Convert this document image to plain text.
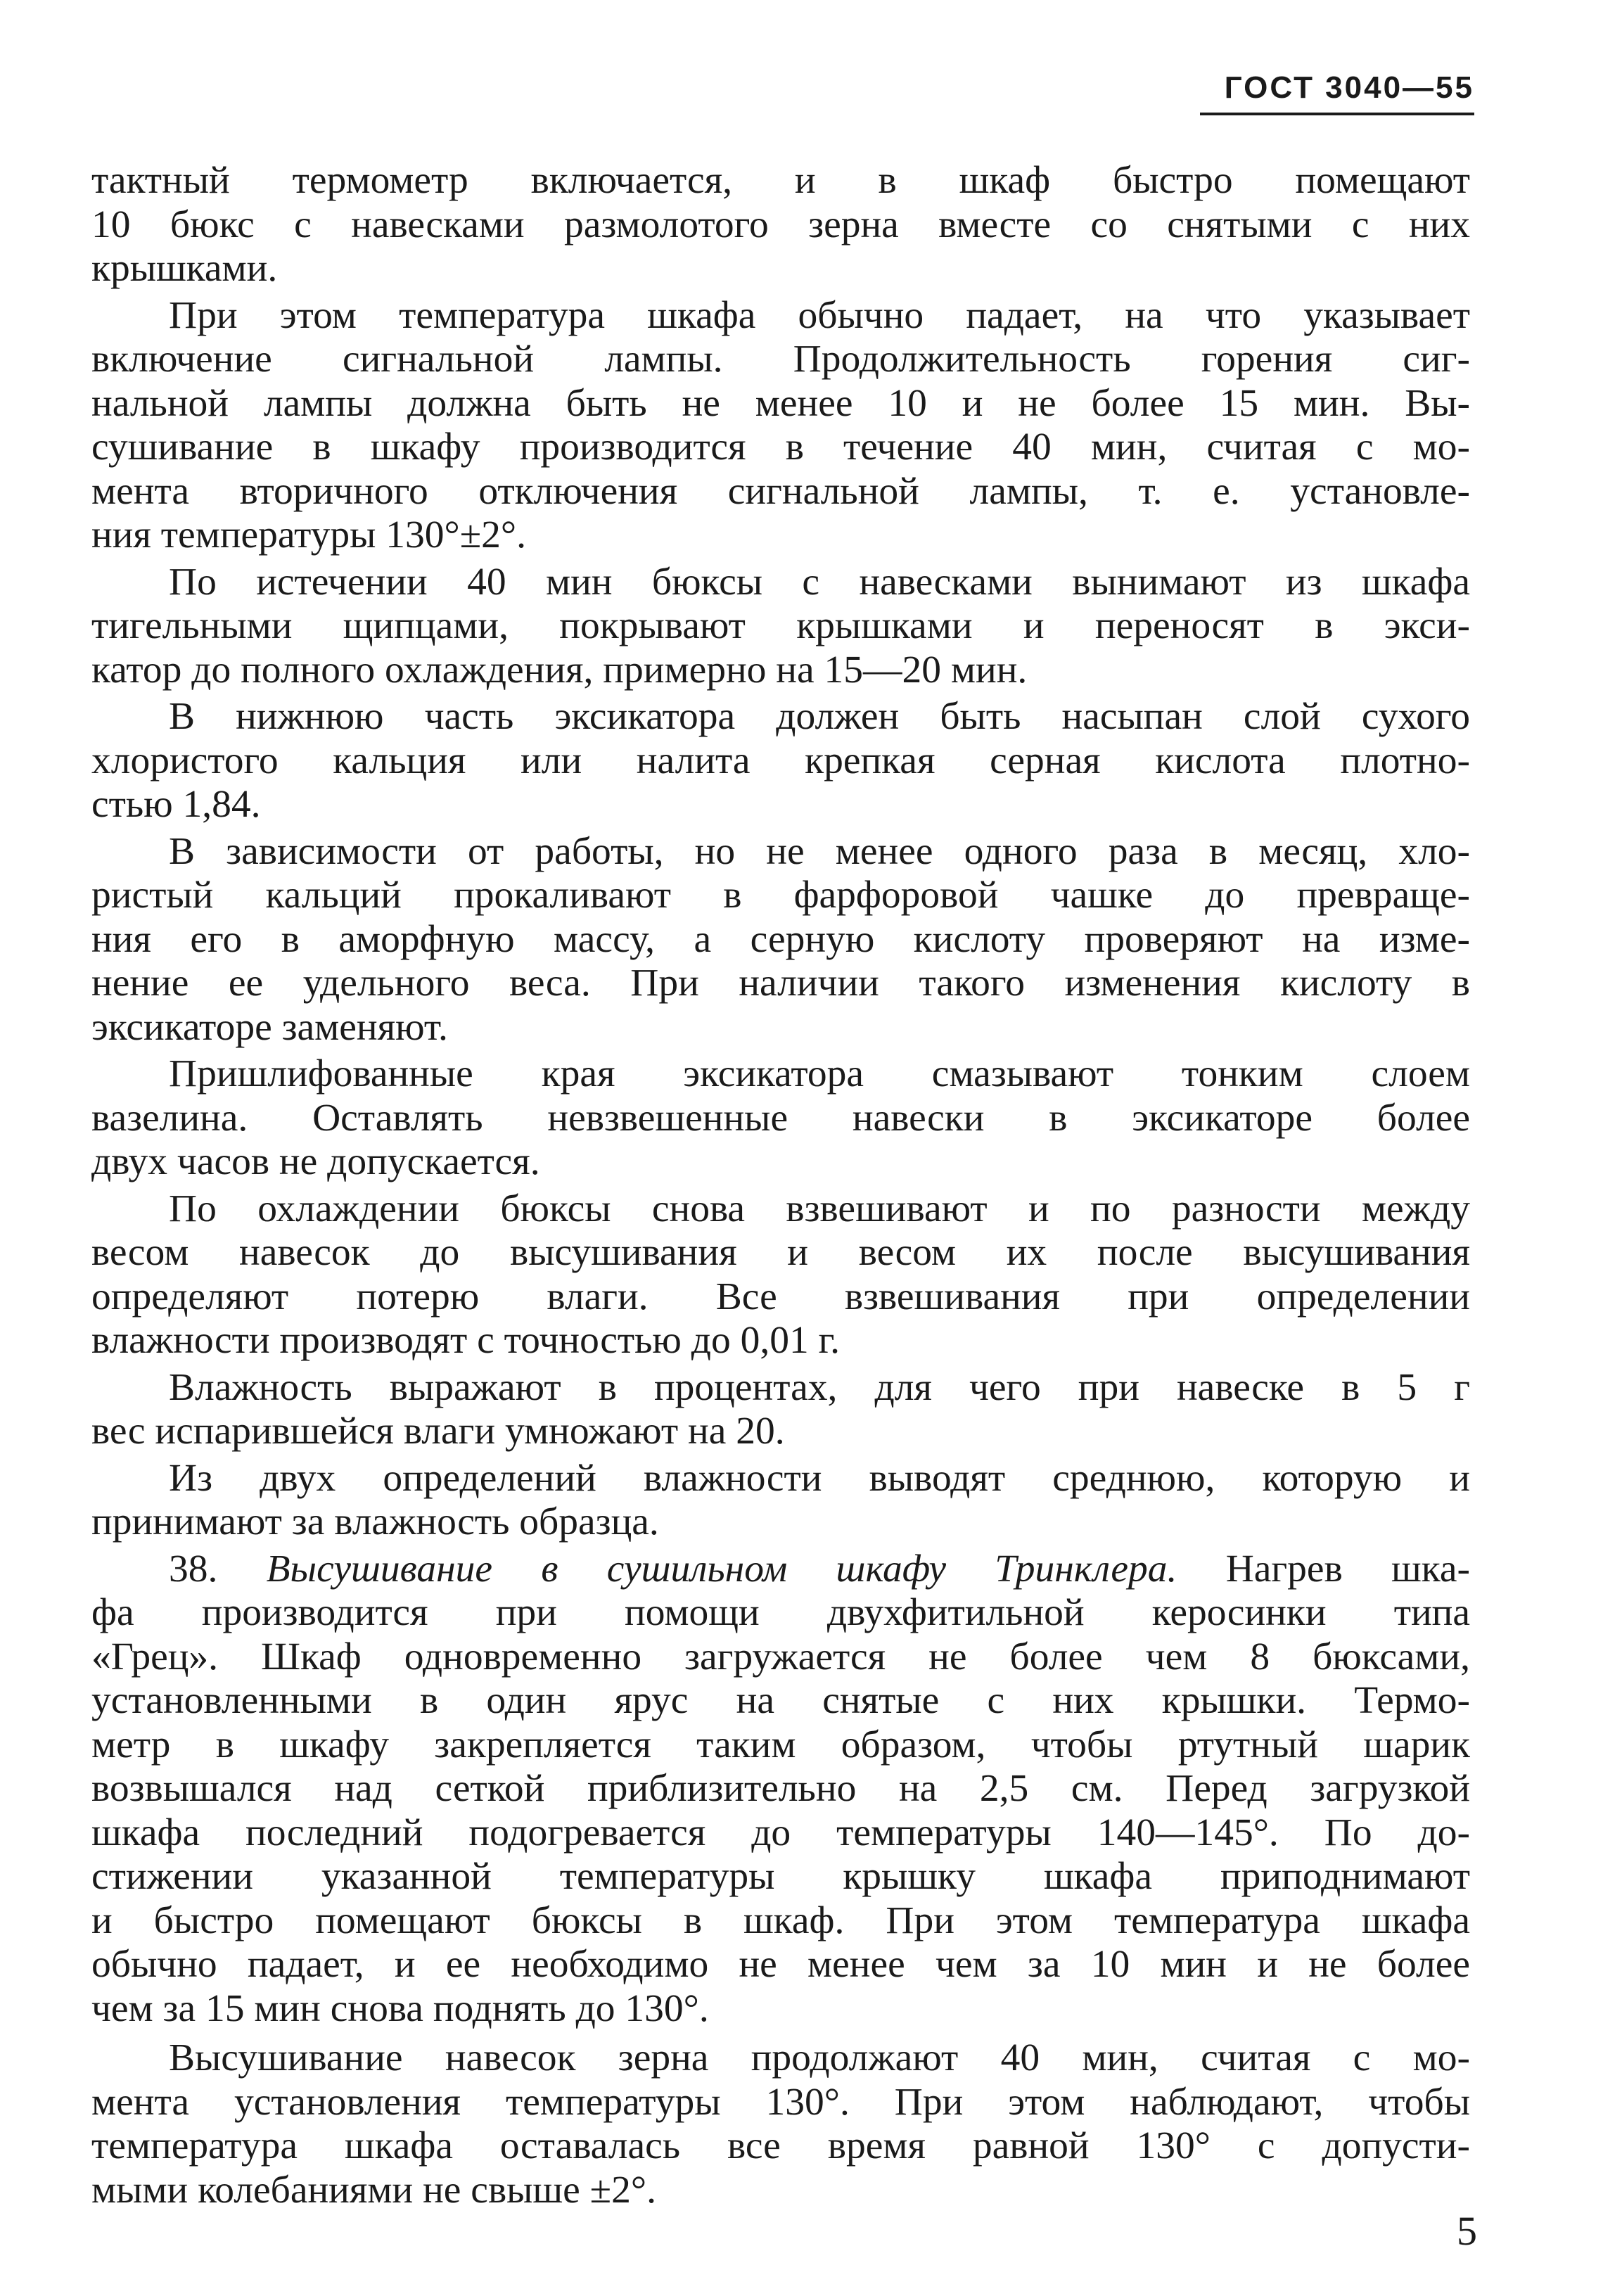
ГОСТ 3040—55

тактный термометр включается, и в шкаф быстро помещают
10 бюкс с навесками размолотого зерна вместе со снятыми с них
крышками.

При этом температура шкафа обычно падает, на что указывает
включение сигнальной лампы. Продолжительность горения сиг-
нальной лампы должна быть не менее 10 и не более 15 мин. Вы-
сушивание в шкафу производится в течение 40 мин, считая с мо-
мента вторичного отключения сигнальной лампы, т. е. установле-
ния температуры 130°±2°.

По истечении 40 мин бюксы с навесками вынимают из шкафа
тигельными щипцами, покрывают крышками и переносят в экси-
катор до полного охлаждения, примерно на 15—20 мин.

В нижнюю часть эксикатора должен быть насыпан слой сухого
хлористого кальция или налита крепкая серная кислота плотно-
стью 1,84.

В зависимости от работы, но не менее одного раза в месяц, хло-
ристый кальций прокаливают в фарфоровой чашке до превраще-
ния его в аморфную массу, а серную кислоту проверяют на изме-
нение ее удельного веса. При наличии такого изменения кислоту в
эксикаторе заменяют.

Пришлифованные края эксикатора смазывают тонким слоем
вазелина. Оставлять невзвешенные навески в эксикаторе более
двух часов не допускается.

По охлаждении бюксы снова взвешивают и по разности между
весом навесок до высушивания и весом их после высушивания
определяют потерю влаги. Все взвешивания при определении
влажности производят с точностью до 0,01 г.

Влажность выражают в процентах, для чего при навеске в 5 г
вес испарившейся влаги умножают на 20.

Из двух определений влажности выводят среднюю, которую и
принимают за влажность образца.

38. Высушивание в сушильном шкафу Тринклера. Нагрев шка-
фа производится при помощи двухфитильной керосинки типа
«Грец». Шкаф одновременно загружается не более чем 8 бюксами,
установленными в один ярус на снятые с них крышки. Термо-
метр в шкафу закрепляется таким образом, чтобы ртутный шарик
возвышался над сеткой приблизительно на 2,5 см. Перед загрузкой
шкафа последний подогревается до температуры 140—145°. По до-
стижении указанной температуры крышку шкафа приподнимают
и быстро помещают бюксы в шкаф. При этом температура шкафа
обычно падает, и ее необходимо не менее чем за 10 мин и не более
чем за 15 мин снова поднять до 130°.

Высушивание навесок зерна продолжают 40 мин, считая с мо-
мента установления температуры 130°. При этом наблюдают, чтобы
температура шкафа оставалась все время равной 130° с допусти-
мыми колебаниями не свыше ±2°.

5
